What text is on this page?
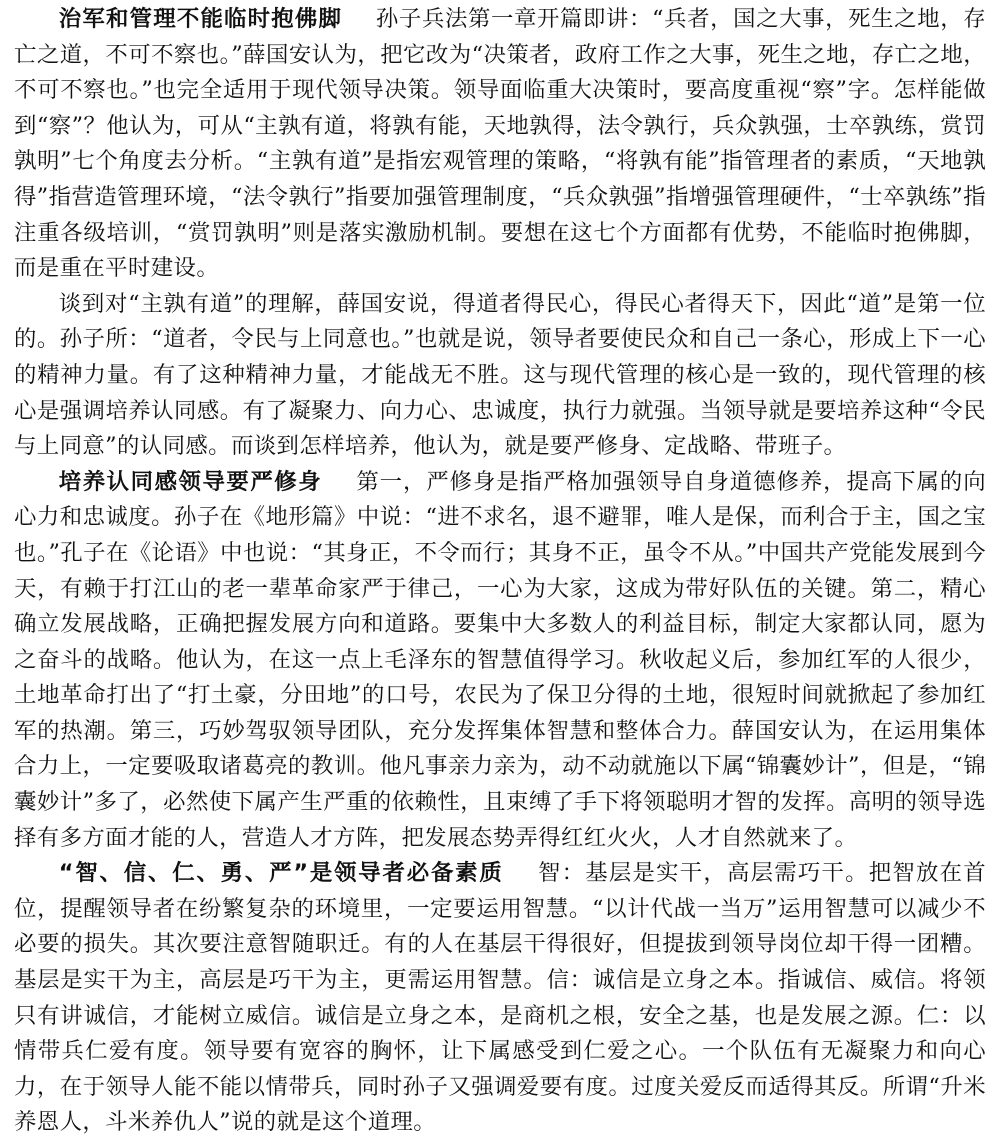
治军和管理不能临时抱佛脚 孙子兵法第一章开篇即讲：“兵者，国之大事，死生之地，存亡之道，不可不察也。”薛国安认为，把它改为“决策者，政府工作之大事，死生之地，存亡之地，不可不察也。”也完全适用于现代领导决策。领导面临重大决策时，要高度重视“察”字。怎样能做到“察”？他认为，可从“主孰有道，将孰有能，天地孰得，法令孰行，兵众孰强，士卒孰练，赏罚孰明”七个角度去分析。“主孰有道”是指宏观管理的策略，“将孰有能”指管理者的素质，“天地孰得”指营造管理环境，“法令孰行”指要加强管理制度，“兵众孰强”指增强管理硬件，“士卒孰练”指注重各级培训，“赏罚孰明”则是落实激励机制。要想在这七个方面都有优势，不能临时抱佛脚，而是重在平时建设。

谈到对“主孰有道”的理解，薛国安说，得道者得民心，得民心者得天下，因此“道”是第一位的。孙子所：“道者，令民与上同意也。”也就是说，领导者要使民众和自己一条心，形成上下一心的精神力量。有了这种精神力量，才能战无不胜。这与现代管理的核心是一致的，现代管理的核心是强调培养认同感。有了凝聚力、向力心、忠诚度，执行力就强。当领导就是要培养这种“令民与上同意”的认同感。而谈到怎样培养，他认为，就是要严修身、定战略、带班子。

培养认同感领导要严修身 第一，严修身是指严格加强领导自身道德修养，提高下属的向心力和忠诚度。孙子在《地形篇》中说：“进不求名，退不避罪，唯人是保，而利合于主，国之宝也。”孔子在《论语》中也说：“其身正，不令而行；其身不正，虽令不从。”中国共产党能发展到今天，有赖于打江山的老一辈革命家严于律己，一心为大家，这成为带好队伍的关键。第二，精心确立发展战略，正确把握发展方向和道路。要集中大多数人的利益目标，制定大家都认同，愿为之奋斗的战略。他认为，在这一点上毛泽东的智慧值得学习。秋收起义后，参加红军的人很少，土地革命打出了“打土豪，分田地”的口号，农民为了保卫分得的土地，很短时间就掀起了参加红军的热潮。第三，巧妙驾驭领导团队，充分发挥集体智慧和整体合力。薛国安认为，在运用集体合力上，一定要吸取诸葛亮的教训。他凡事亲力亲为，动不动就施以下属“锦囊妙计”，但是，“锦囊妙计”多了，必然使下属产生严重的依赖性，且束缚了手下将领聪明才智的发挥。高明的领导选择有多方面才能的人，营造人才方阵，把发展态势弄得红红火火，人才自然就来了。

“智、信、仁、勇、严”是领导者必备素质 智：基层是实干，高层需巧干。把智放在首位，提醒领导者在纷繁复杂的环境里，一定要运用智慧。“以计代战一当万”运用智慧可以减少不必要的损失。其次要注意智随职迁。有的人在基层干得很好，但提拔到领导岗位却干得一团糟。基层是实干为主，高层是巧干为主，更需运用智慧。信：诚信是立身之本。指诚信、威信。将领只有讲诚信，才能树立威信。诚信是立身之本，是商机之根，安全之基，也是发展之源。仁：以情带兵仁爱有度。领导要有宽容的胸怀，让下属感受到仁爱之心。一个队伍有无凝聚力和向心力，在于领导人能不能以情带兵，同时孙子又强调爱要有度。过度关爱反而适得其反。所谓“升米养恩人，斗米养仇人”说的就是这个道理。
